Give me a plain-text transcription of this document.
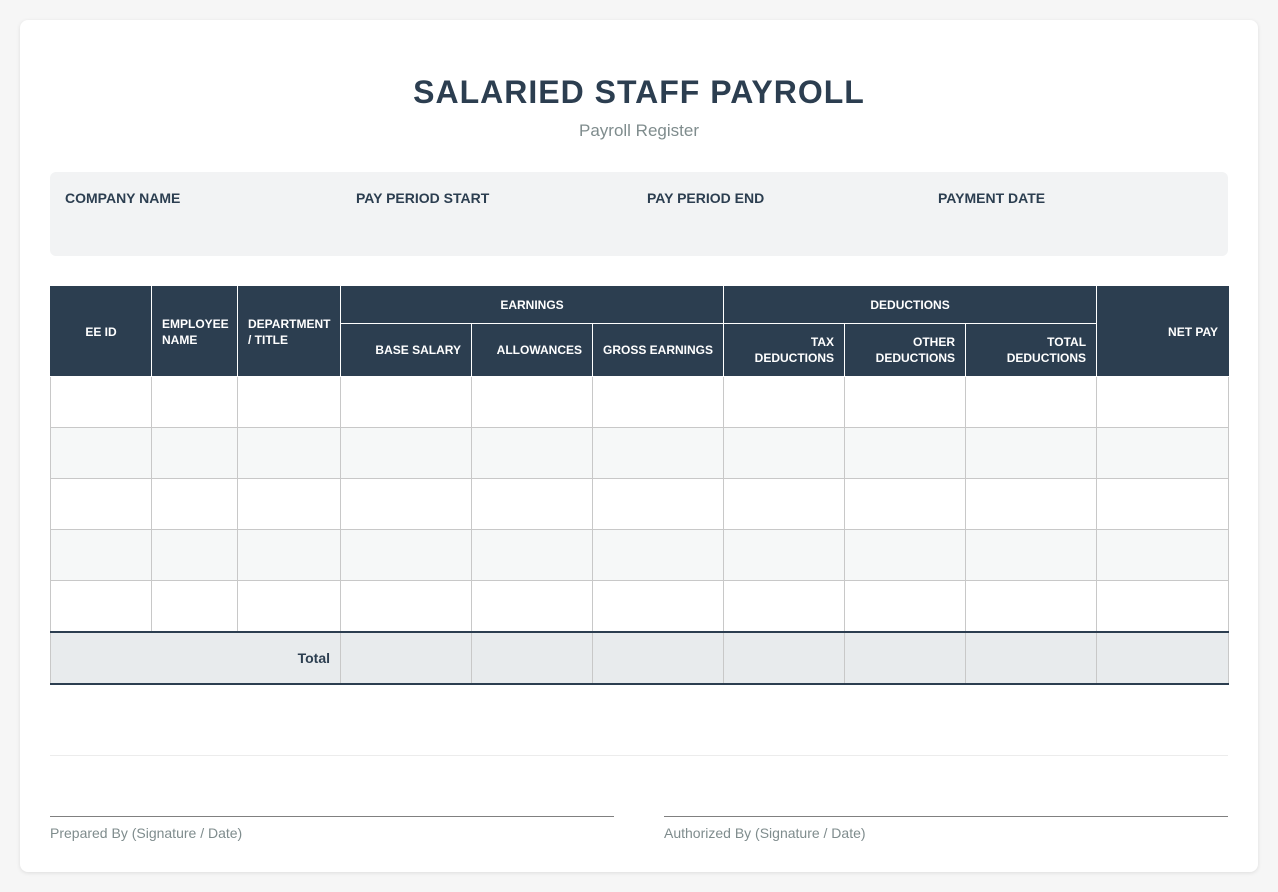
SALARIED STAFF PAYROLL
Payroll Register
COMPANY NAME	PAY PERIOD START	PAY PERIOD END	PAYMENT DATE
EE ID	EMPLOYEE NAME	DEPARTMENT / TITLE	EARNINGS			DEDUCTIONS			NET PAY
			BASE SALARY	ALLOWANCES	GROSS EARNINGS	TAX DEDUCTIONS	OTHER DEDUCTIONS	TOTAL DEDUCTIONS	

Total									
Prepared By (Signature / Date)	Authorized By (Signature / Date)
